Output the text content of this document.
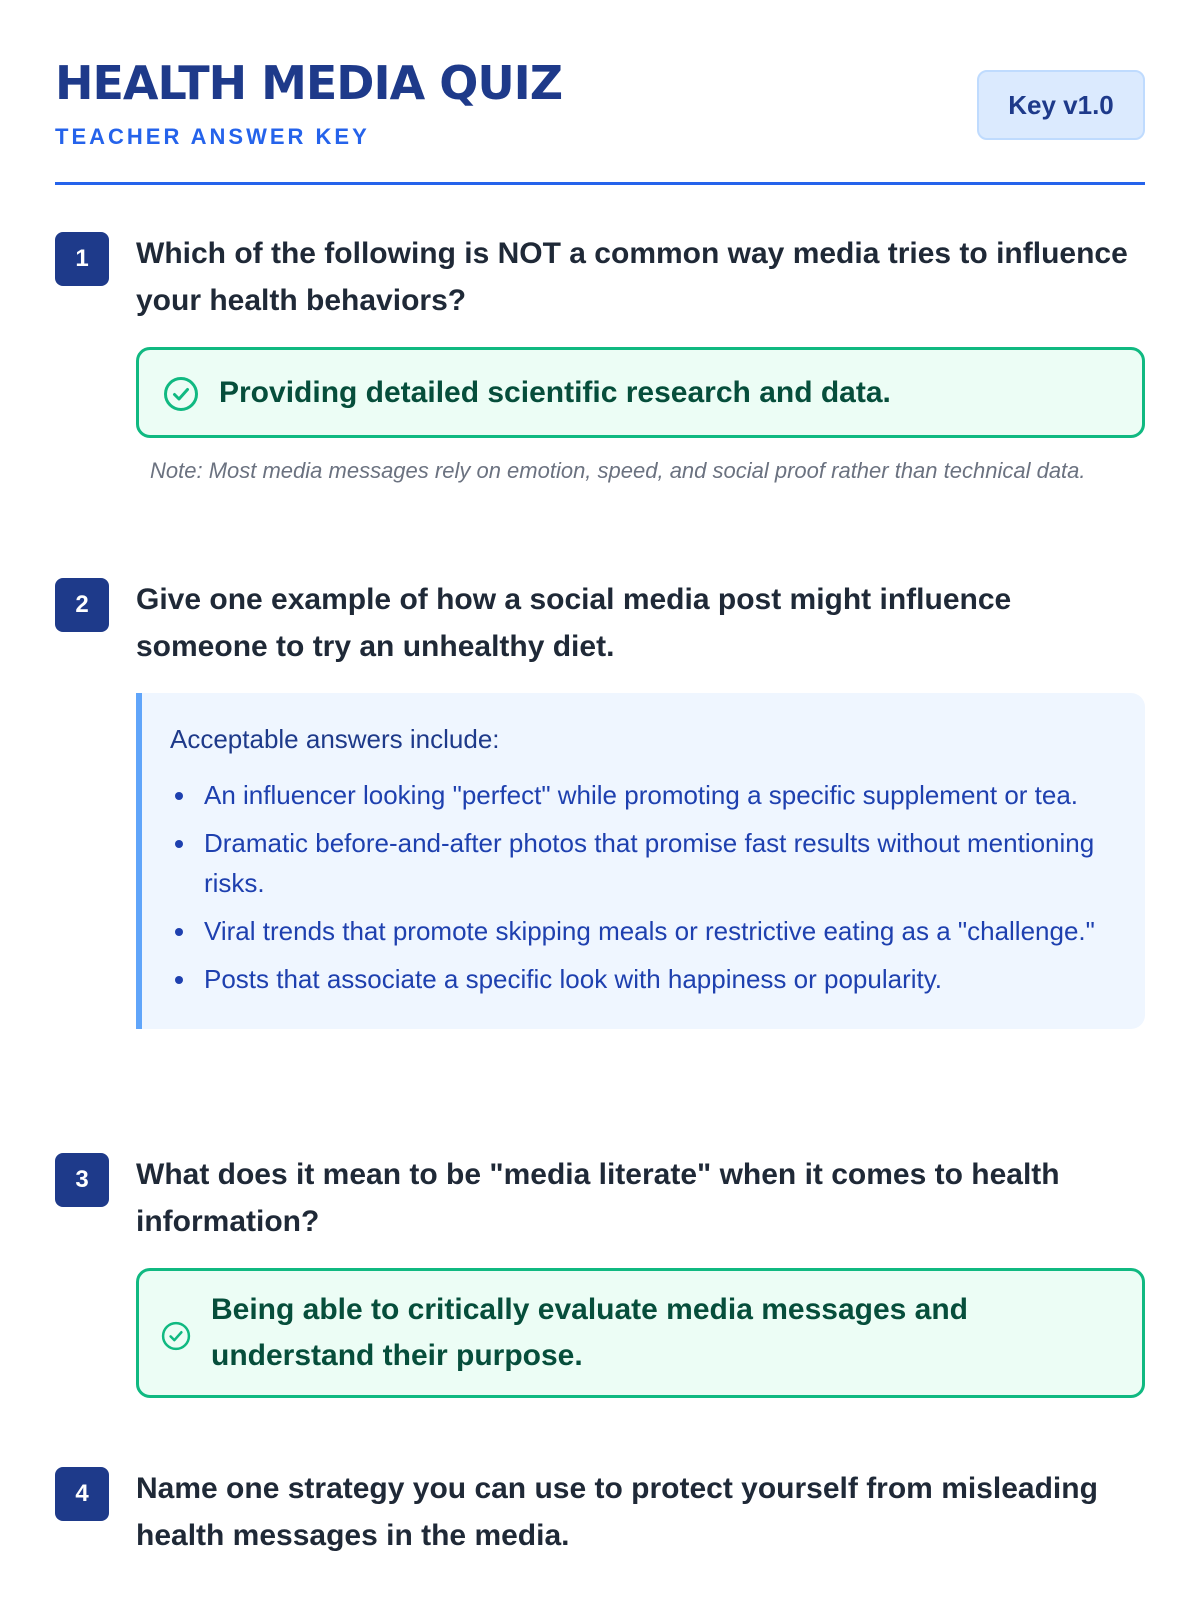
HEALTH MEDIA QUIZ
TEACHER ANSWER KEY
Key v1.0
1	Which of the following is NOT a common way media tries to influence your health behaviors?
Providing detailed scientific research and data.
Note: Most media messages rely on emotion, speed, and social proof rather than technical data.
2	Give one example of how a social media post might influence someone to try an unhealthy diet.
Acceptable answers include:
An influencer looking "perfect" while promoting a specific supplement or tea.
Dramatic before-and-after photos that promise fast results without mentioning risks.
Viral trends that promote skipping meals or restrictive eating as a "challenge."
Posts that associate a specific look with happiness or popularity.
3	What does it mean to be "media literate" when it comes to health information?
Being able to critically evaluate media messages and understand their purpose.
4	Name one strategy you can use to protect yourself from misleading health messages in the media.
